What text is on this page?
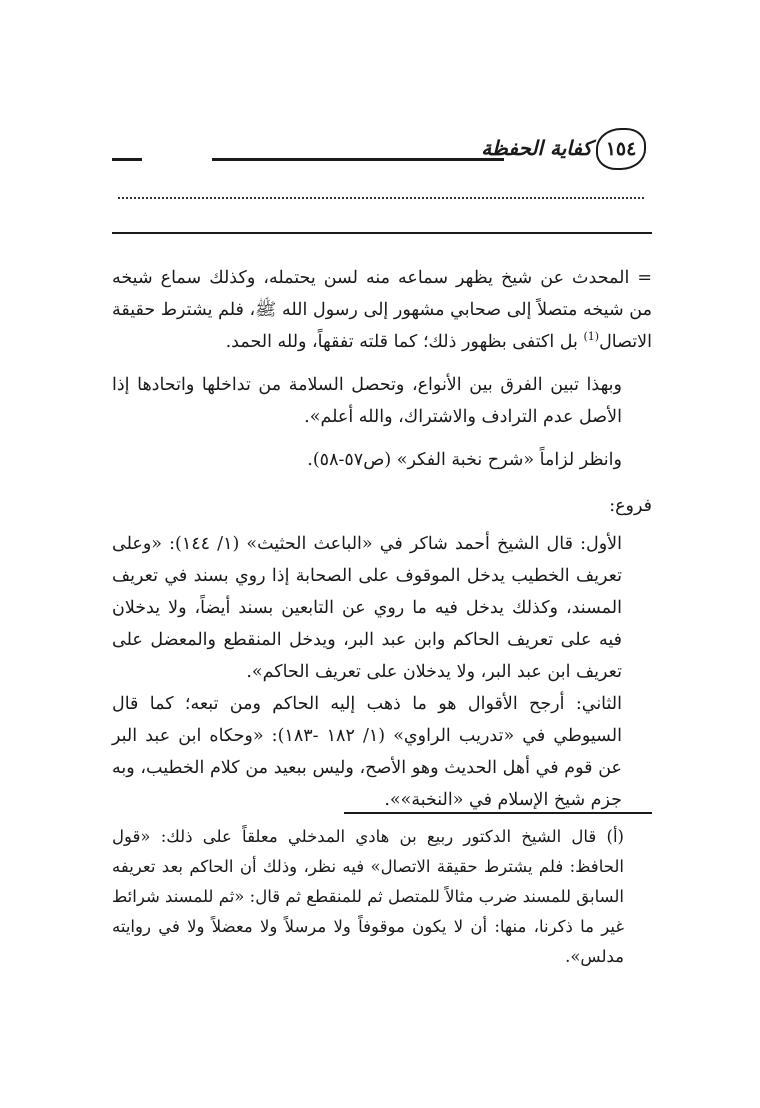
كفاية الحفظة ١٥٤

= المحدث عن شيخ يظهر سماعه منه لسن يحتمله، وكذلك سماع شيخه من شيخه متصلاً إلى صحابي مشهور إلى رسول الله ﷺ، فلم يشترط حقيقة الاتصال$^{(1)}$ بل اكتفى بظهور ذلك؛ كما قلته تفقهاً، ولله الحمد.

وبهذا تبين الفرق بين الأنواع، وتحصل السلامة من تداخلها واتحادها إذا الأصل عدم الترادف والاشتراك، والله أعلم».

وانظر لزاماً «شرح نخبة الفكر» (ص٥٧-٥٨).

فروع:

الأول: قال الشيخ أحمد شاكر في «الباعث الحثيث» (١/ ١٤٤): «وعلى تعريف الخطيب يدخل الموقوف على الصحابة إذا روي بسند في تعريف المسند، وكذلك يدخل فيه ما روي عن التابعين بسند أيضاً، ولا يدخلان فيه على تعريف الحاكم وابن عبد البر، ويدخل المنقطع والمعضل على تعريف ابن عبد البر، ولا يدخلان على تعريف الحاكم».

الثاني: أرجح الأقوال هو ما ذهب إليه الحاكم ومن تبعه؛ كما قال السيوطي في «تدريب الراوي» (١/ ١٨٢ -١٨٣): «وحكاه ابن عبد البر عن قوم في أهل الحديث وهو الأصح، وليس ببعيد من كلام الخطيب، وبه جزم شيخ الإسلام في «النخبة»».

(أ) قال الشيخ الدكتور ربيع بن هادي المدخلي معلقاً على ذلك: «قول الحافظ: فلم يشترط حقيقة الاتصال» فيه نظر، وذلك أن الحاكم بعد تعريفه السابق للمسند ضرب مثالاً للمتصل ثم للمنقطع ثم قال: «ثم للمسند شرائط غير ما ذكرنا، منها: أن لا يكون موقوفاً ولا مرسلاً ولا معضلاً ولا في روايته مدلس».
